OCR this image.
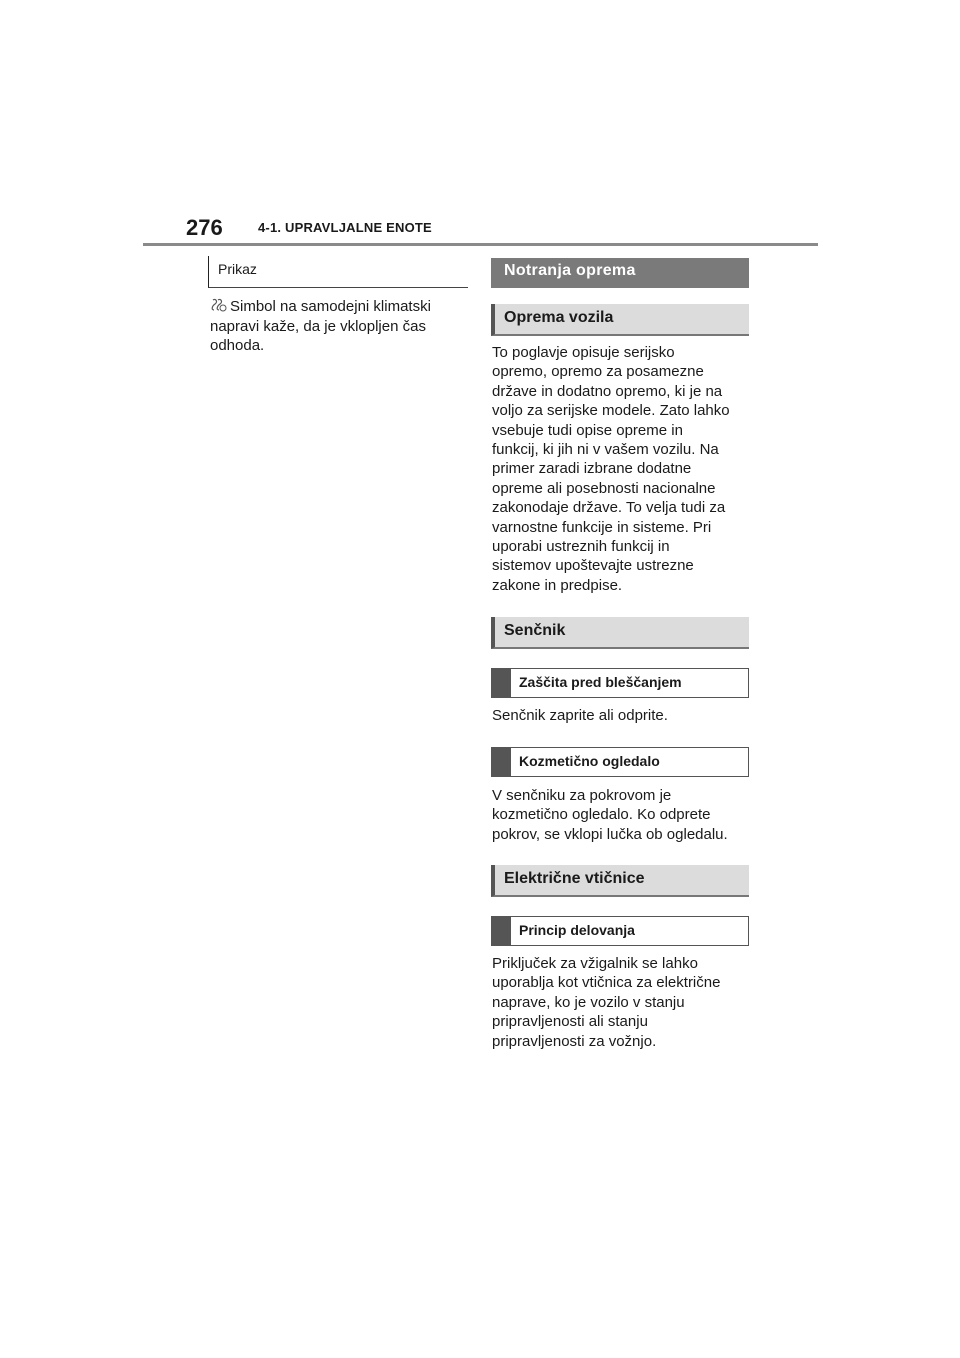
276	4-1. UPRAVLJALNE ENOTE
Prikaz
Simbol na samodejni klimatski
napravi kaže, da je vklopljen čas
odhoda.
Notranja oprema
Oprema vozila
To poglavje opisuje serijsko
opremo, opremo za posamezne
države in dodatno opremo, ki je na
voljo za serijske modele. Zato lahko
vsebuje tudi opise opreme in
funkcij, ki jih ni v vašem vozilu. Na
primer zaradi izbrane dodatne
opreme ali posebnosti nacionalne
zakonodaje države. To velja tudi za
varnostne funkcije in sisteme. Pri
uporabi ustreznih funkcij in
sistemov upoštevajte ustrezne
zakone in predpise.
Senčnik
Zaščita pred bleščanjem
Senčnik zaprite ali odprite.
Kozmetično ogledalo
V senčniku za pokrovom je
kozmetično ogledalo. Ko odprete
pokrov, se vklopi lučka ob ogledalu.
Električne vtičnice
Princip delovanja
Priključek za vžigalnik se lahko
uporablja kot vtičnica za električne
naprave, ko je vozilo v stanju
pripravljenosti ali stanju
pripravljenosti za vožnjo.
